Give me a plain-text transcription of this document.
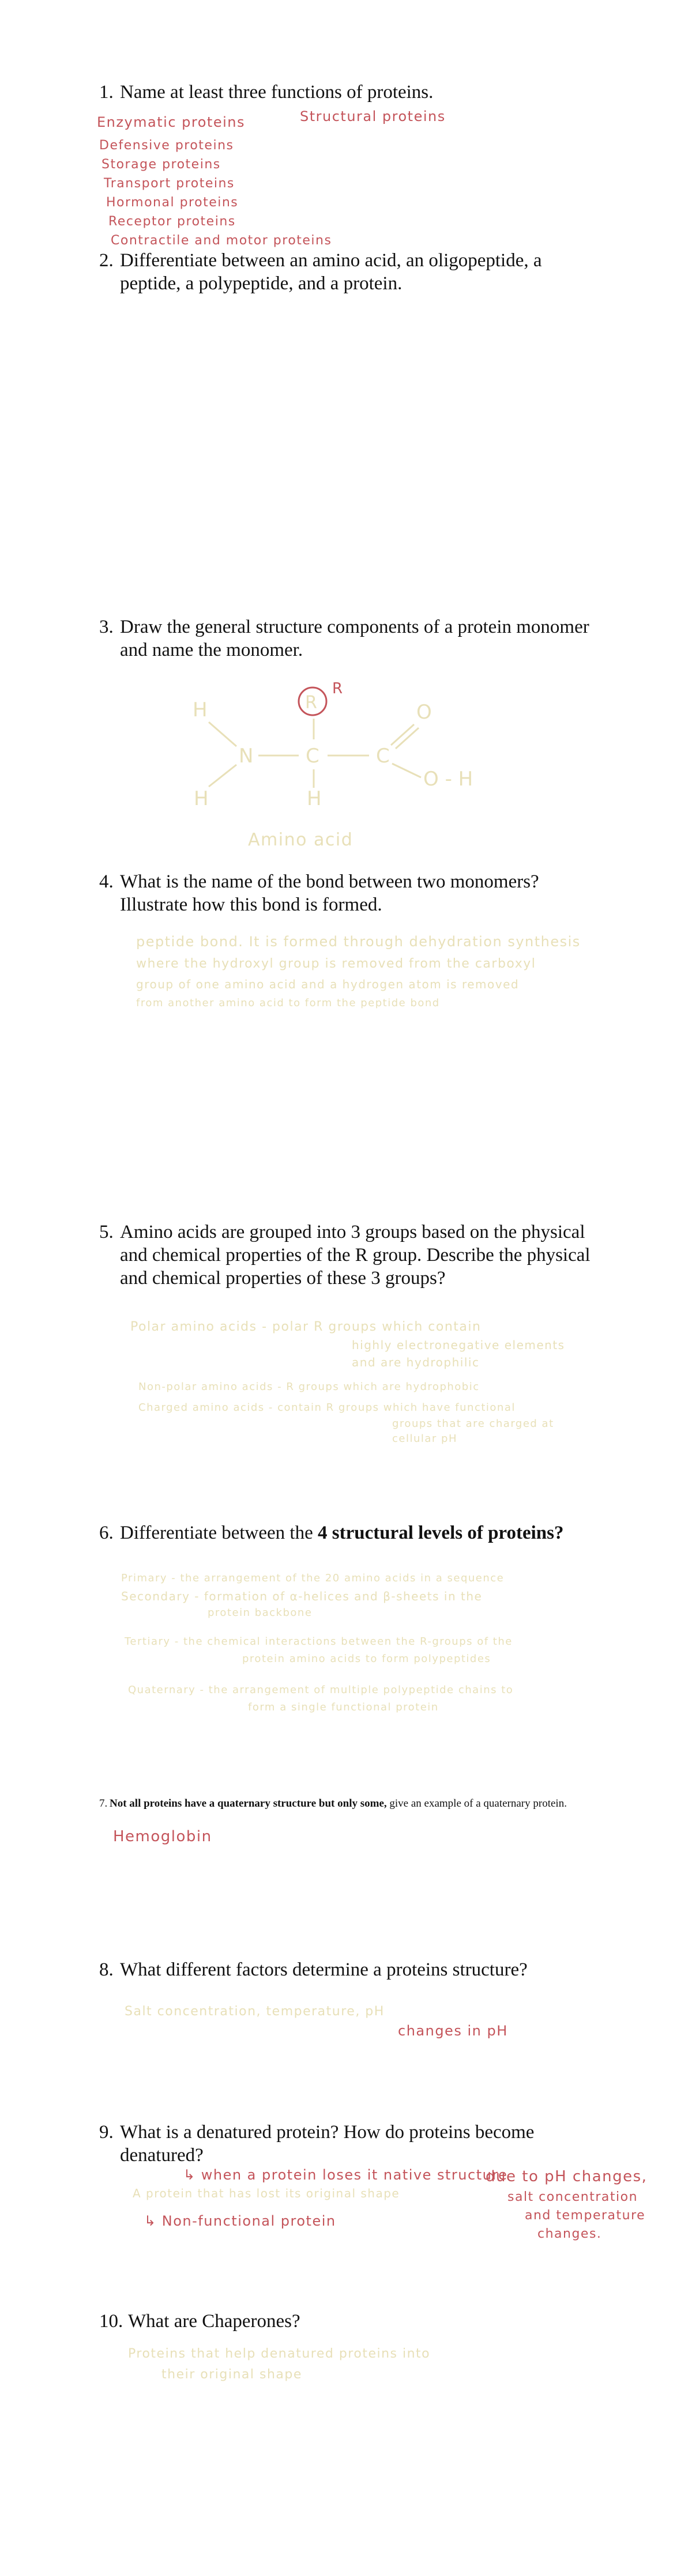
1. Name at least three functions of proteins.
Enzymatic proteins	Structural proteins
Defensive proteins
Storage proteins
Transport proteins
Hormonal proteins
Receptor proteins
Contractile and motor proteins
2. Differentiate between an amino acid, an oligopeptide, a peptide, a polypeptide, and a protein.
3. Draw the general structure components of a protein monomer and name the monomer.
H
N
H
C
H
C
O
O - H
R
R
Amino acid
4. What is the name of the bond between two monomers? Illustrate how this bond is formed.
peptide bond. It is formed through dehydration synthesis
where the hydroxyl group is removed from the carboxyl
group of one amino acid and a hydrogen atom is removed
from another amino acid to form the peptide bond
5. Amino acids are grouped into 3 groups based on the physical and chemical properties of the R group. Describe the physical and chemical properties of these 3 groups?
Polar amino acids - polar R groups which contain
highly electronegative elements
and are hydrophilic
Non-polar amino acids - R groups which are hydrophobic
Charged amino acids - contain R groups which have functional
groups that are charged at
cellular pH
6. Differentiate between the 4 structural levels of proteins?
Primary - the arrangement of the 20 amino acids in a sequence
Secondary - formation of α-helices and β-sheets in the
protein backbone
Tertiary - the chemical interactions between the R-groups of the
protein amino acids to form polypeptides
Quaternary - the arrangement of multiple polypeptide chains to
form a single functional protein
7. Not all proteins have a quaternary structure but only some, give an example of a quaternary protein.
Hemoglobin
8. What different factors determine a proteins structure?
Salt concentration, temperature, pH
changes in pH
9. What is a denatured protein? How do proteins become denatured?
↳ when a protein loses it native structure
A protein that has lost its original shape
↳ Non-functional protein
due to pH changes,
salt concentration
and temperature
changes.
10. What are Chaperones?
Proteins that help denatured proteins into
their original shape
